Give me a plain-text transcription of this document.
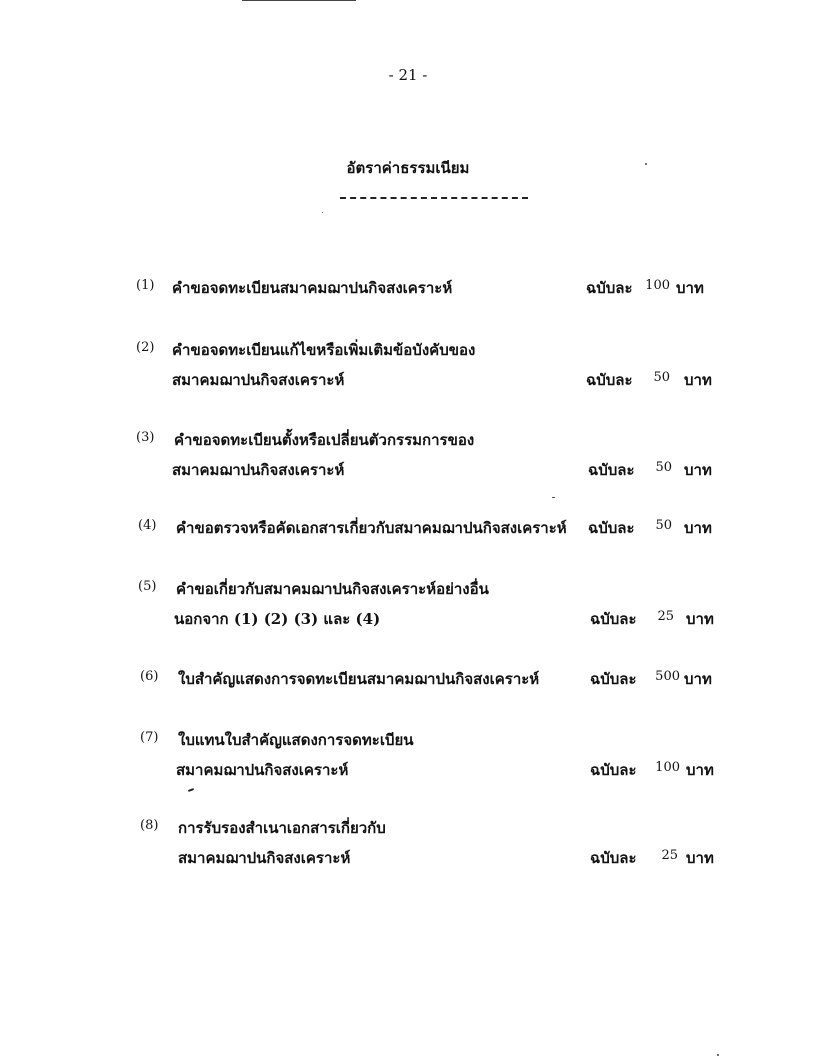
- 21 -
อัตราค่าธรรมเนียม
(1) คำขอจดทะเบียนสมาคมฌาปนกิจสงเคราะห์	ฉบับละ 100 บาท
(2) คำขอจดทะเบียนแก้ไขหรือเพิ่มเติมข้อบังคับของ
สมาคมฌาปนกิจสงเคราะห์	ฉบับละ	50 บาท
(3) คำขอจดทะเบียนตั้งหรือเปลี่ยนตัวกรรมการของ
สมาคมฌาปนกิจสงเคราะห์	ฉบับละ	50 บาท
(4) คำขอตรวจหรือคัดเอกสารเกี่ยวกับสมาคมฌาปนกิจสงเคราะห์ ฉบับละ	50 บาท
(5) คำขอเกี่ยวกับสมาคมฌาปนกิจสงเคราะห์อย่างอื่น
นอกจาก (1) (2) (3) และ (4)	ฉบับละ	25 บาท
(6) ใบสำคัญแสดงการจดทะเบียนสมาคมฌาปนกิจสงเคราะห์	ฉบับละ	500 บาท
(7) ใบแทนใบสำคัญแสดงการจดทะเบียน
สมาคมฌาปนกิจสงเคราะห์	ฉบับละ	100 บาท
(8) การรับรองสำเนาเอกสารเกี่ยวกับ
สมาคมฌาปนกิจสงเคราะห์	ฉบับละ	25 บาท
